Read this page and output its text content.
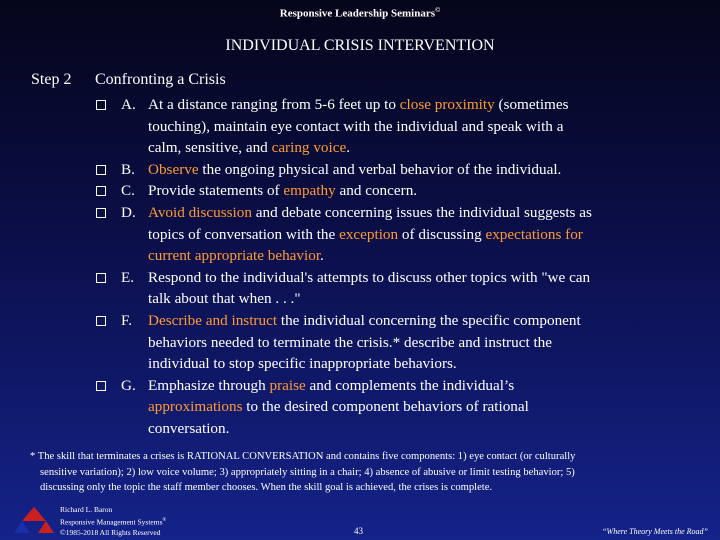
Responsive Leadership Seminars©
INDIVIDUAL CRISIS INTERVENTION
Step 2 Confronting a Crisis
A. At a distance ranging from 5-6 feet up to close proximity (sometimes
touching), maintain eye contact with the individual and speak with a
calm, sensitive, and caring voice.
B. Observe the ongoing physical and verbal behavior of the individual.
C. Provide statements of empathy and concern.
D. Avoid discussion and debate concerning issues the individual suggests as
topics of conversation with the exception of discussing expectations for
current appropriate behavior.
E. Respond to the individual's attempts to discuss other topics with "we can
talk about that when . . ."
F. Describe and instruct the individual concerning the specific component
behaviors needed to terminate the crisis.* describe and instruct the
individual to stop specific inappropriate behaviors.
G. Emphasize through praise and complements the individual’s
approximations to the desired component behaviors of rational
conversation.
* The skill that terminates a crises is RATIONAL CONVERSATION and contains five components: 1) eye contact (or culturally
sensitive variation); 2) low voice volume; 3) appropriately sitting in a chair; 4) absence of abusive or limit testing behavior; 5)
discussing only the topic the staff member chooses. When the skill goal is achieved, the crises is complete.
Richard L. Baron
Responsive Management Systems®
©1985-2018 All Rights Reserved	43	“Where Theory Meets the Road”
